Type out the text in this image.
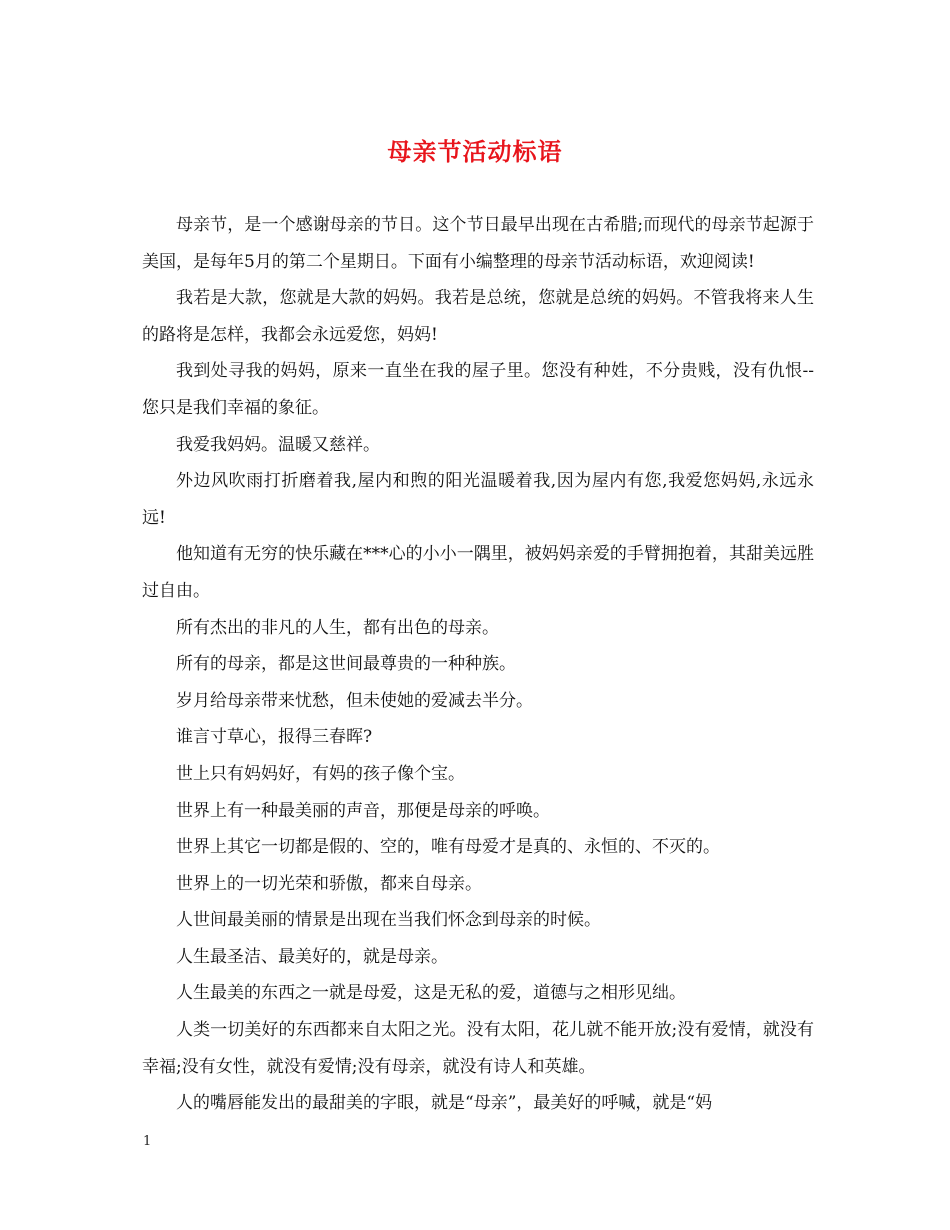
母亲节活动标语

母亲节，是一个感谢母亲的节日。这个节日最早出现在古希腊;而现代的母亲节起源于美国，是每年5月的第二个星期日。下面有小编整理的母亲节活动标语，欢迎阅读!

我若是大款，您就是大款的妈妈。我若是总统，您就是总统的妈妈。不管我将来人生的路将是怎样，我都会永远爱您，妈妈!

我到处寻我的妈妈，原来一直坐在我的屋子里。您没有种姓，不分贵贱，没有仇恨--您只是我们幸福的象征。

我爱我妈妈。温暖又慈祥。

外边风吹雨打折磨着我,屋内和煦的阳光温暖着我,因为屋内有您,我爱您妈妈,永远永远!

他知道有无穷的快乐藏在***心的小小一隅里，被妈妈亲爱的手臂拥抱着，其甜美远胜过自由。

所有杰出的非凡的人生，都有出色的母亲。

所有的母亲，都是这世间最尊贵的一种种族。

岁月给母亲带来忧愁，但未使她的爱减去半分。

谁言寸草心，报得三春晖?

世上只有妈妈好，有妈的孩子像个宝。

世界上有一种最美丽的声音，那便是母亲的呼唤。

世界上其它一切都是假的、空的，唯有母爱才是真的、永恒的、不灭的。

世界上的一切光荣和骄傲，都来自母亲。

人世间最美丽的情景是出现在当我们怀念到母亲的时候。

人生最圣洁、最美好的，就是母亲。

人生最美的东西之一就是母爱，这是无私的爱，道德与之相形见绌。

人类一切美好的东西都来自太阳之光。没有太阳，花儿就不能开放;没有爱情，就没有幸福;没有女性，就没有爱情;没有母亲，就没有诗人和英雄。

人的嘴唇能发出的最甜美的字眼，就是“母亲”，最美好的呼喊，就是“妈

1
